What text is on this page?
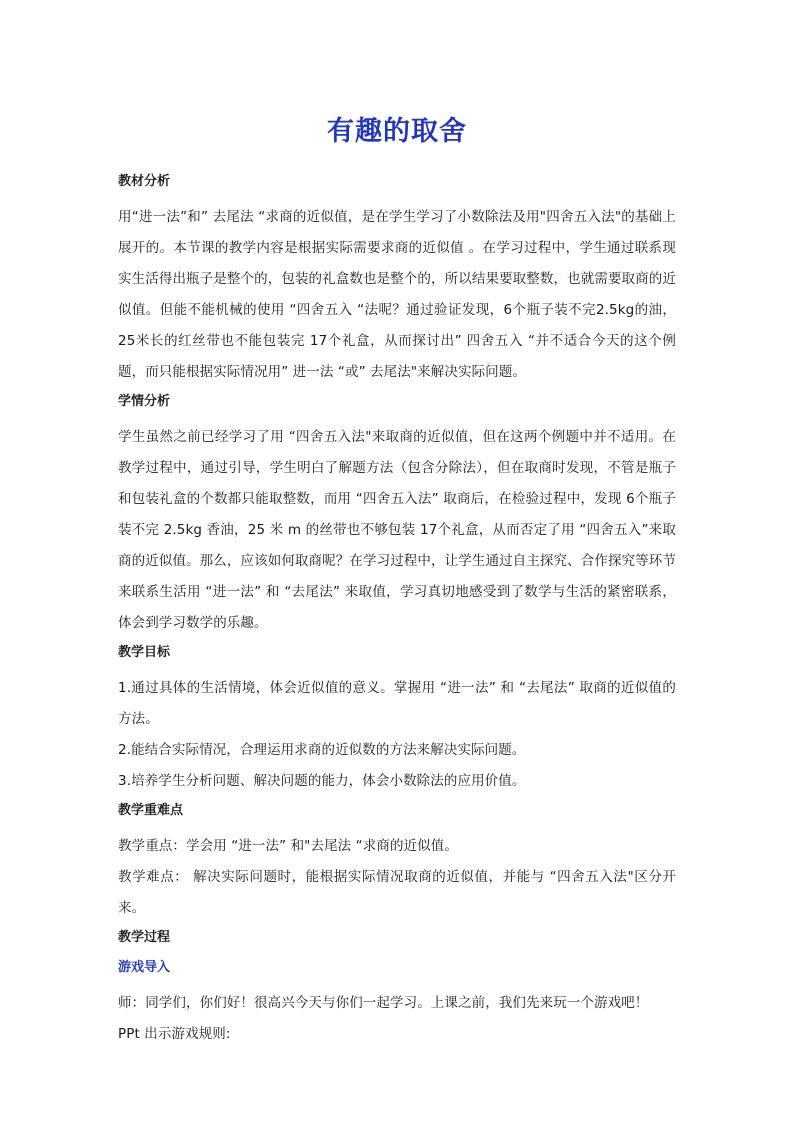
有趣的取舍
教材分析
用“进一法”和” 去尾法 “求商的近似值，是在学生学习了小数除法及用"四舍五入法"的基础上展开的。本节课的教学内容是根据实际需要求商的近似值 。在学习过程中，学生通过联系现实生活得出瓶子是整个的，包装的礼盒数也是整个的，所以结果要取整数，也就需要取商的近似值。但能不能机械的使用 “四舍五入 “法呢？通过验证发现，6个瓶子装不完2.5kg的油，25米长的红丝带也不能包装完 17个礼盒，从而探讨出” 四舍五入 “并不适合今天的这个例题，而只能根据实际情况用” 进一法 “或” 去尾法"来解决实际问题。
学情分析
学生虽然之前已经学习了用 “四舍五入法"来取商的近似值，但在这两个例题中并不适用。在教学过程中，通过引导，学生明白了解题方法（包含分除法），但在取商时发现，不管是瓶子和包装礼盒的个数都只能取整数，而用 “四舍五入法” 取商后，在检验过程中，发现 6个瓶子装不完 2.5kg 香油，25 米 m 的丝带也不够包装 17个礼盒，从而否定了用 “四舍五入”来取商的近似值。那么，应该如何取商呢？在学习过程中，让学生通过自主探究、合作探究等环节来联系生活用 “进一法” 和 “去尾法” 来取值，学习真切地感受到了数学与生活的紧密联系，体会到学习数学的乐趣。
教学目标
1.通过具体的生活情境，体会近似值的意义。掌握用 “进一法” 和 “去尾法” 取商的近似值的方法。
2.能结合实际情况，合理运用求商的近似数的方法来解决实际问题。
3.培养学生分析问题、解决问题的能力，体会小数除法的应用价值。
教学重难点
教学重点：学会用 “进一法” 和"去尾法 “求商的近似值。
教学难点： 解决实际问题时，能根据实际情况取商的近似值，并能与 “四舍五入法"区分开来。
教学过程
游戏导入
师：同学们，你们好！很高兴今天与你们一起学习。上课之前，我们先来玩一个游戏吧！
PPt 出示游戏规则:
